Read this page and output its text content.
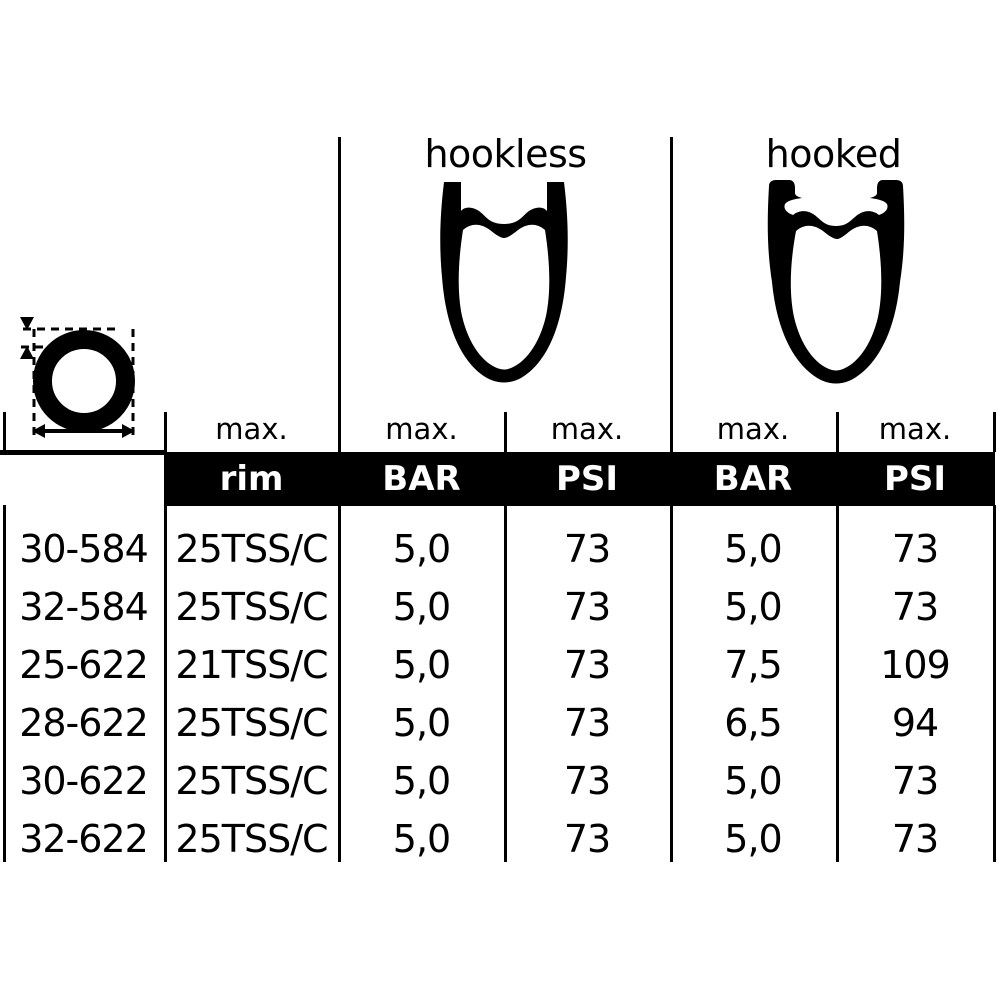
hookless	hooked
max.	max.	max.	max.	max.
rim	BAR	PSI	BAR	PSI
30-584 25TSS/C	5,0	73	5,0	73
32-584 25TSS/C	5,0	73	5,0	73
25-622 21TSS/C	5,0	73	7,5	109
28-622 25TSS/C	5,0	73	6,5	94
30-622 25TSS/C	5,0	73	5,0	73
32-622 25TSS/C	5,0	73	5,0	73
